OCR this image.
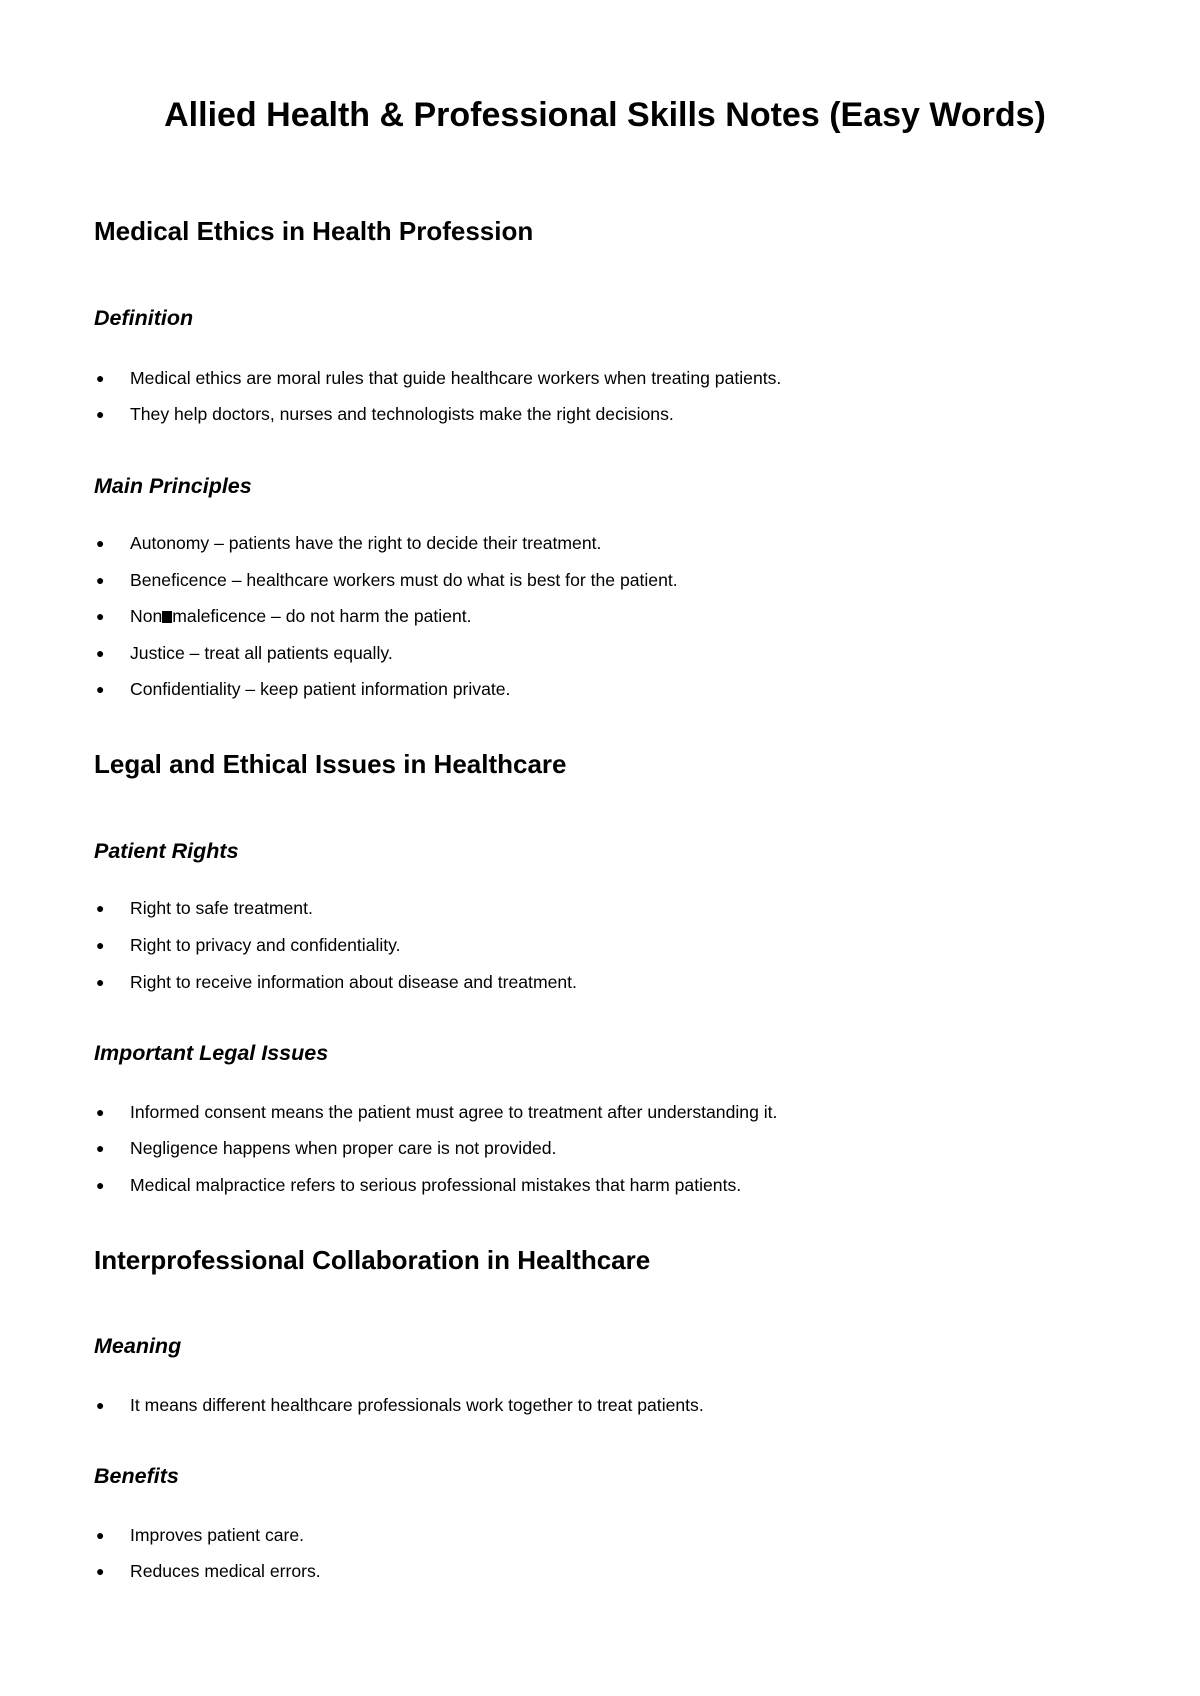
Allied Health & Professional Skills Notes (Easy Words)
Medical Ethics in Health Profession
Definition
● Medical ethics are moral rules that guide healthcare workers when treating patients.
● They help doctors, nurses and technologists make the right decisions.
Main Principles
● Autonomy – patients have the right to decide their treatment.
● Beneficence – healthcare workers must do what is best for the patient.
● Non maleficence – do not harm the patient.
● Justice – treat all patients equally.
● Confidentiality – keep patient information private.
Legal and Ethical Issues in Healthcare
Patient Rights
● Right to safe treatment.
● Right to privacy and confidentiality.
● Right to receive information about disease and treatment.
Important Legal Issues
● Informed consent means the patient must agree to treatment after understanding it.
● Negligence happens when proper care is not provided.
● Medical malpractice refers to serious professional mistakes that harm patients.
Interprofessional Collaboration in Healthcare
Meaning
● It means different healthcare professionals work together to treat patients.
Benefits
● Improves patient care.
● Reduces medical errors.
